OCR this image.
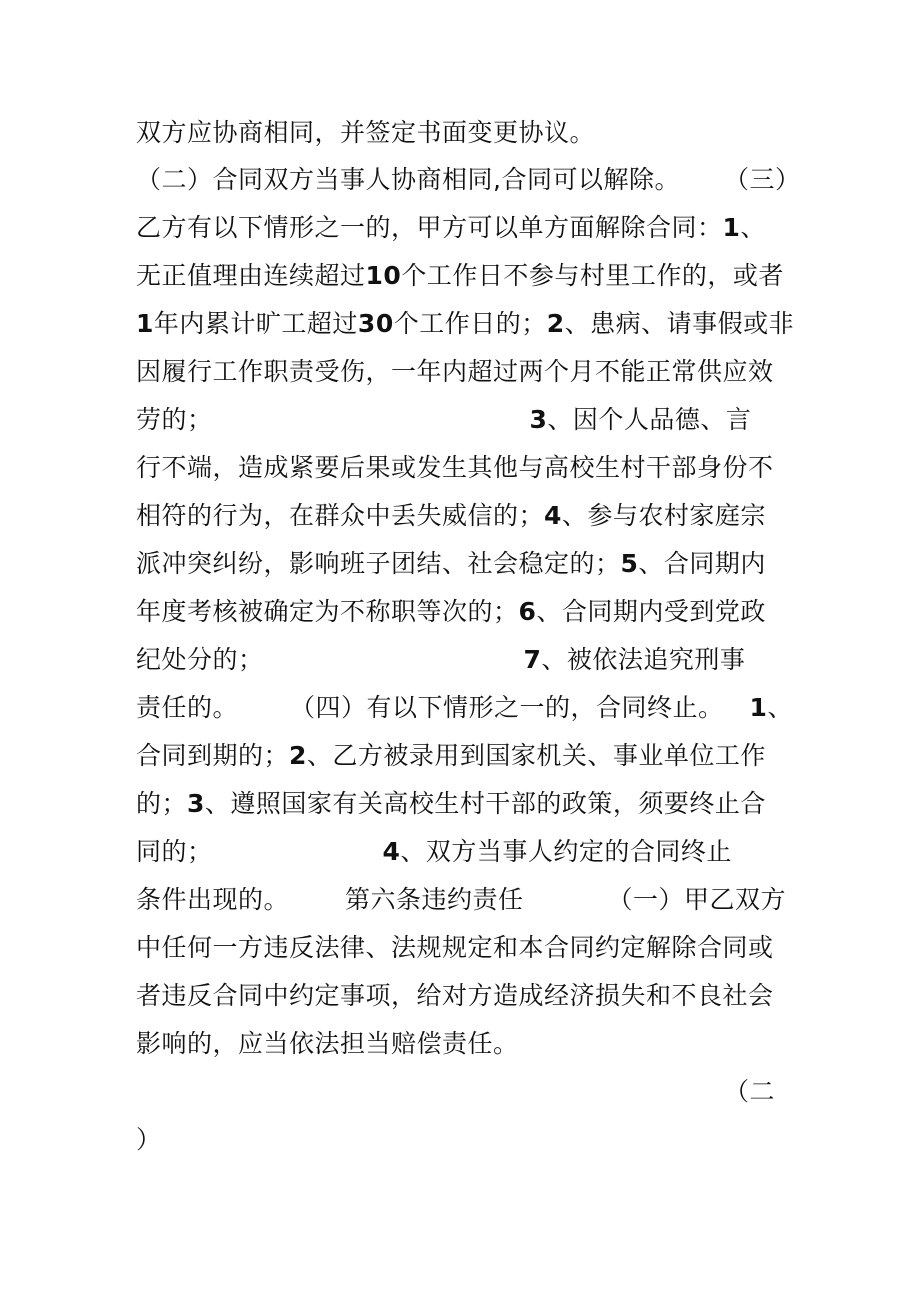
双方应协商相同，并签定书面变更协议。
（二）合同双方当事人协商相同,合同可以解除。 （三）
乙方有以下情形之一的，甲方可以单方面解除合同：1、
无正值理由连续超过10个工作日不参与村里工作的，或者
1年内累计旷工超过30个工作日的；2、患病、请事假或非
因履行工作职责受伤，一年内超过两个月不能正常供应效
劳的；	3、因个人品德、言
行不端，造成紧要后果或发生其他与高校生村干部身份不
相符的行为，在群众中丢失威信的；4、参与农村家庭宗
派冲突纠纷，影响班子团结、社会稳定的；5、合同期内
年度考核被确定为不称职等次的；6、合同期内受到党政
纪处分的；	7、被依法追究刑事
责任的。 （四）有以下情形之一的，合同终止。 1、
合同到期的；2、乙方被录用到国家机关、事业单位工作
的；3、遵照国家有关高校生村干部的政策，须要终止合
同的；	4、双方当事人约定的合同终止
条件出现的。 第六条违约责任	（一）甲乙双方
中任何一方违反法律、法规规定和本合同约定解除合同或
者违反合同中约定事项，给对方造成经济损失和不良社会
影响的，应当依法担当赔偿责任。
（二
）
